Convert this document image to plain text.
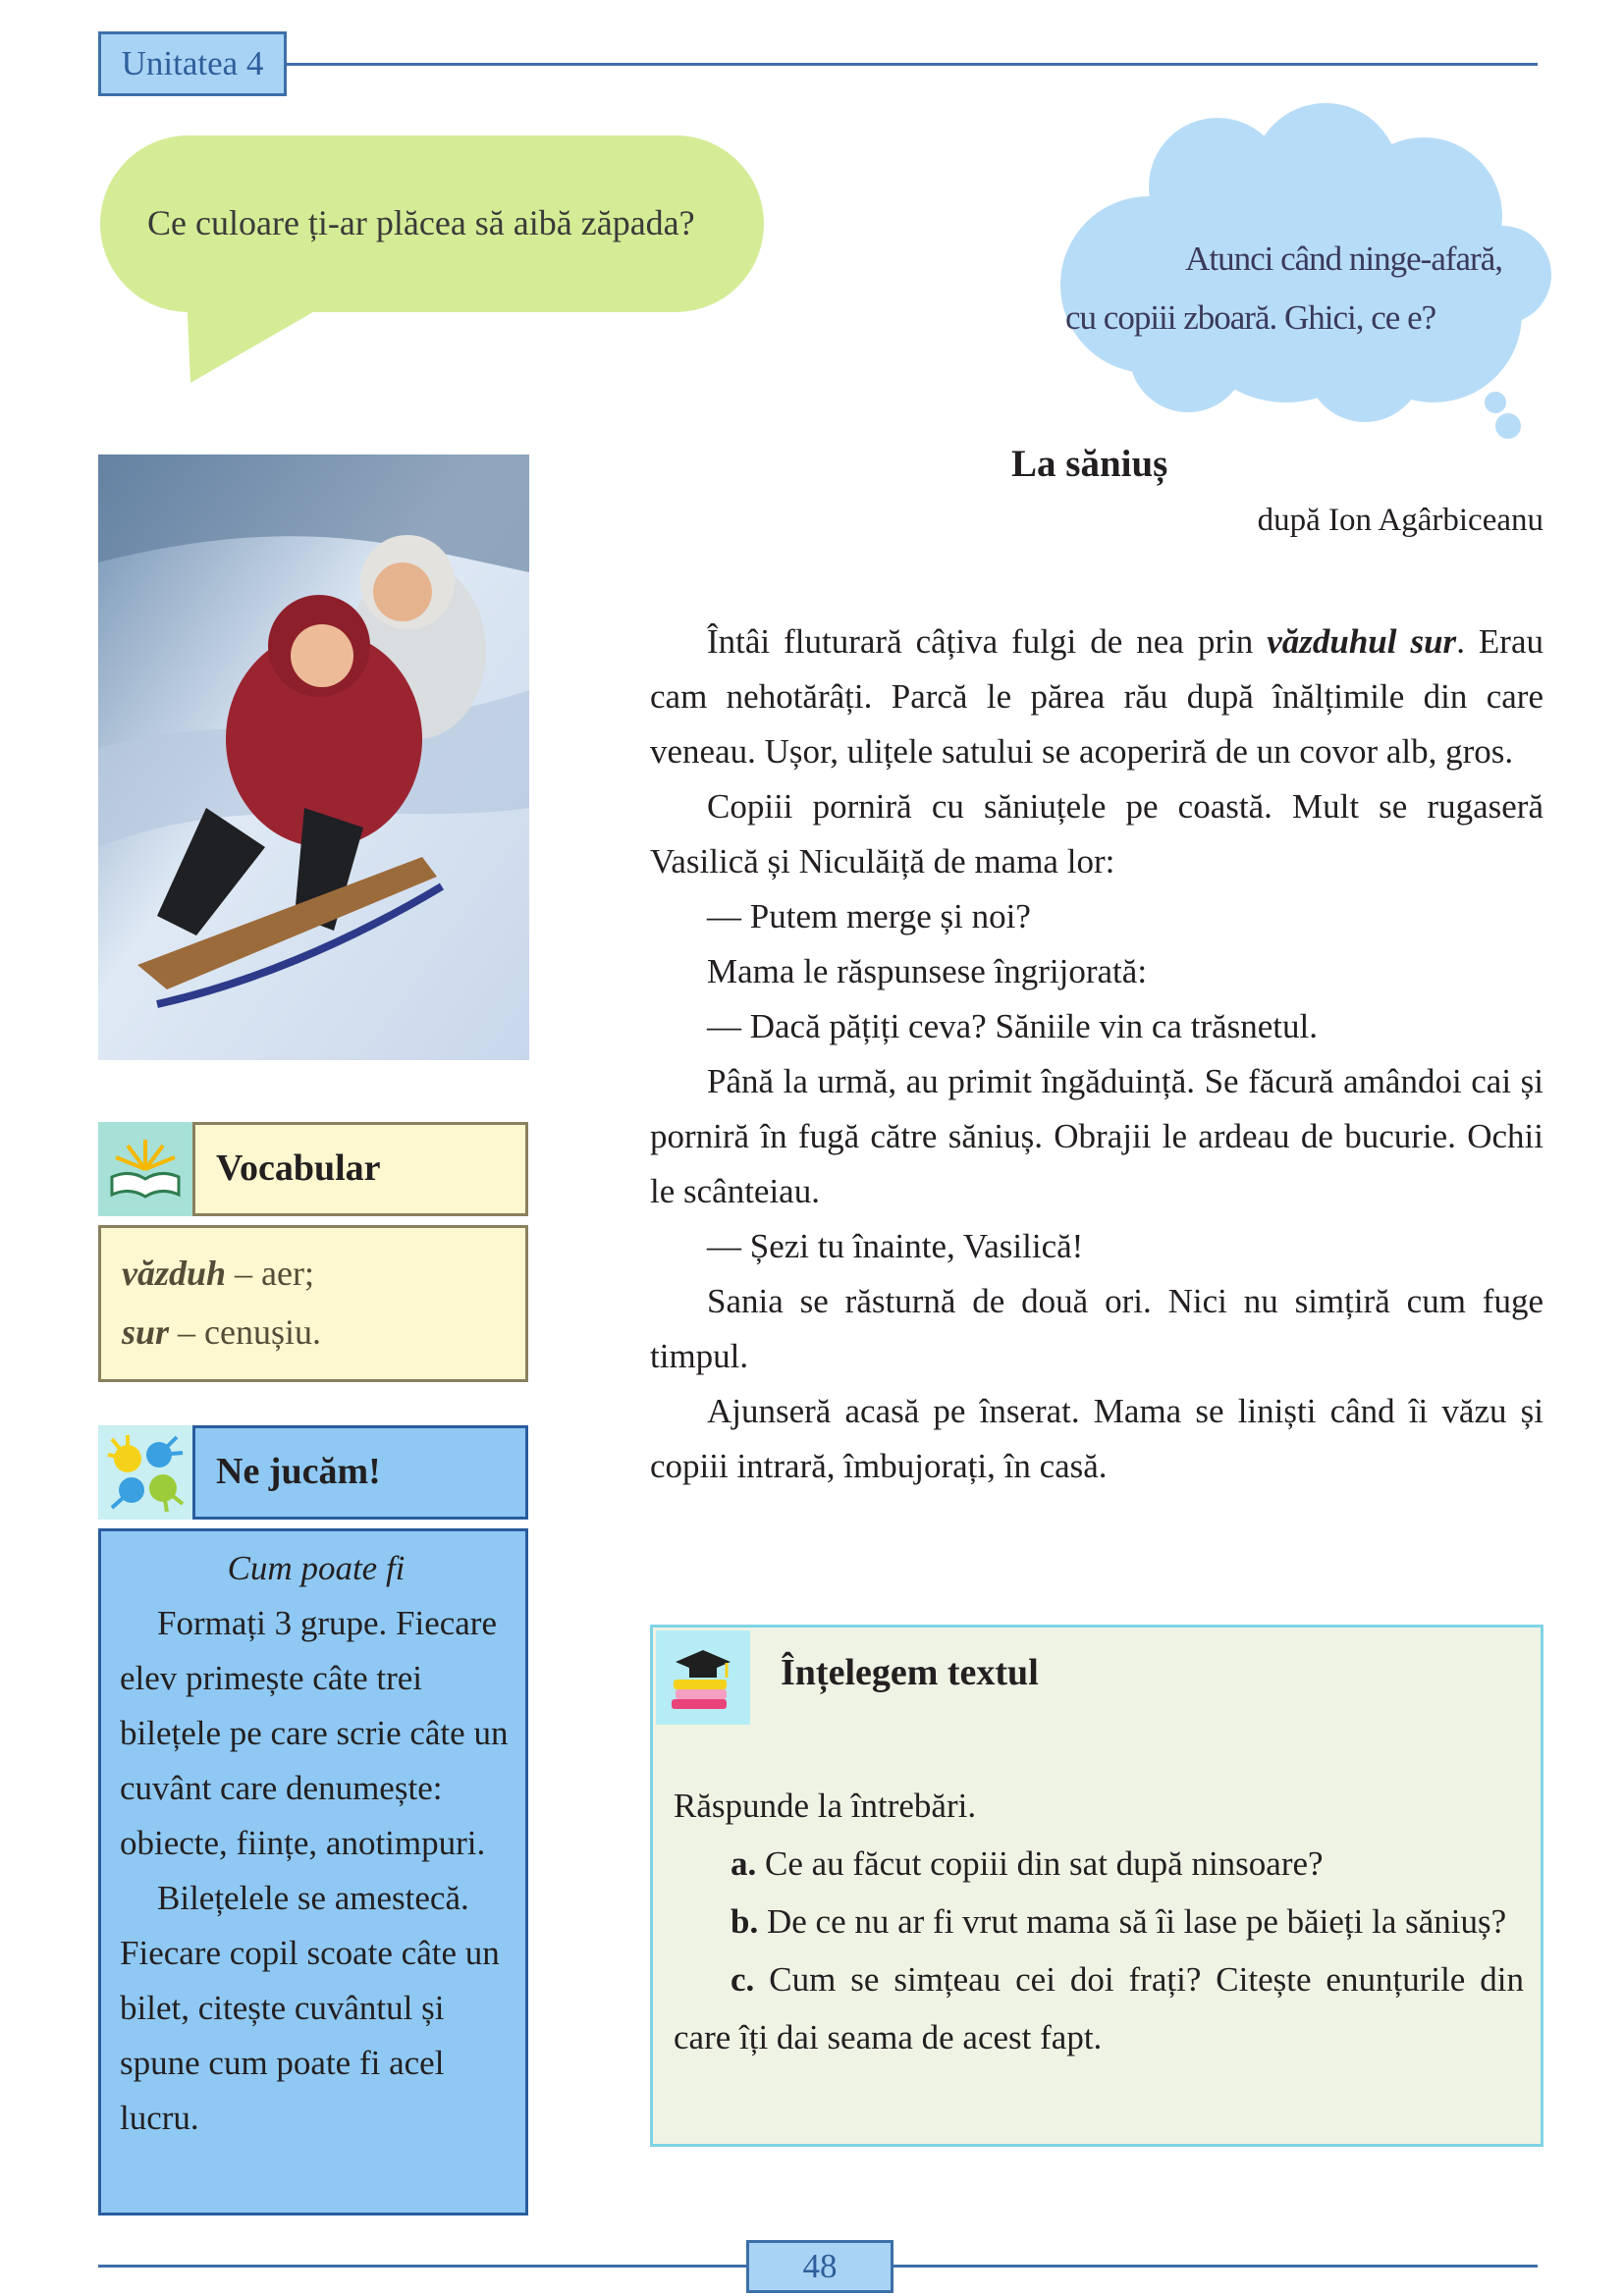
Unitatea 4
Ce culoare ți-ar plăcea să aibă zăpada?
Atunci când ninge-afară,
cu copiii zboară. Ghici, ce e?
La săniuș
după Ion Agârbiceanu

Întâi fluturară câțiva fulgi de nea prin văzduhul sur. Erau cam nehotărâți. Parcă le părea rău după înălțimile din care veneau. Ușor, ulițele satului se acoperiră de un covor alb, gros.

Copiii porniră cu săniuțele pe coastă. Mult se rugaseră Vasilică și Niculăiță de mama lor:

— Putem merge și noi?

Mama le răspunsese îngrijorată:

— Dacă pățiți ceva? Săniile vin ca trăsnetul.

Până la urmă, au primit îngăduință. Se făcură amândoi cai și porniră în fugă către săniuș. Obrajii le ardeau de bucurie. Ochii le scânteiau.

— Șezi tu înainte, Vasilică!

Sania se răsturnă de două ori. Nici nu simțiră cum fuge timpul.

Ajunseră acasă pe înserat. Mama se liniști când îi văzu și copiii intrară, îmbujorați, în casă.

Vocabular
văzduh – aer;
sur – cenușiu.
Ne jucăm!

Cum poate fi

Formați 3 grupe. Fiecare elev primește câte trei bilețele pe care scrie câte un cuvânt care denumește: obiecte, ființe, anotimpuri.

Bilețelele se amestecă. Fiecare copil scoate câte un bilet, citește cuvântul și spune cum poate fi acel lucru.

Înțelegem textul

Răspunde la întrebări.

a. Ce au făcut copiii din sat după ninsoare?

b. De ce nu ar fi vrut mama să îi lase pe băieți la săniuș?

c. Cum se simțeau cei doi frați? Citește enunțurile din care îți dai seama de acest fapt.

48
